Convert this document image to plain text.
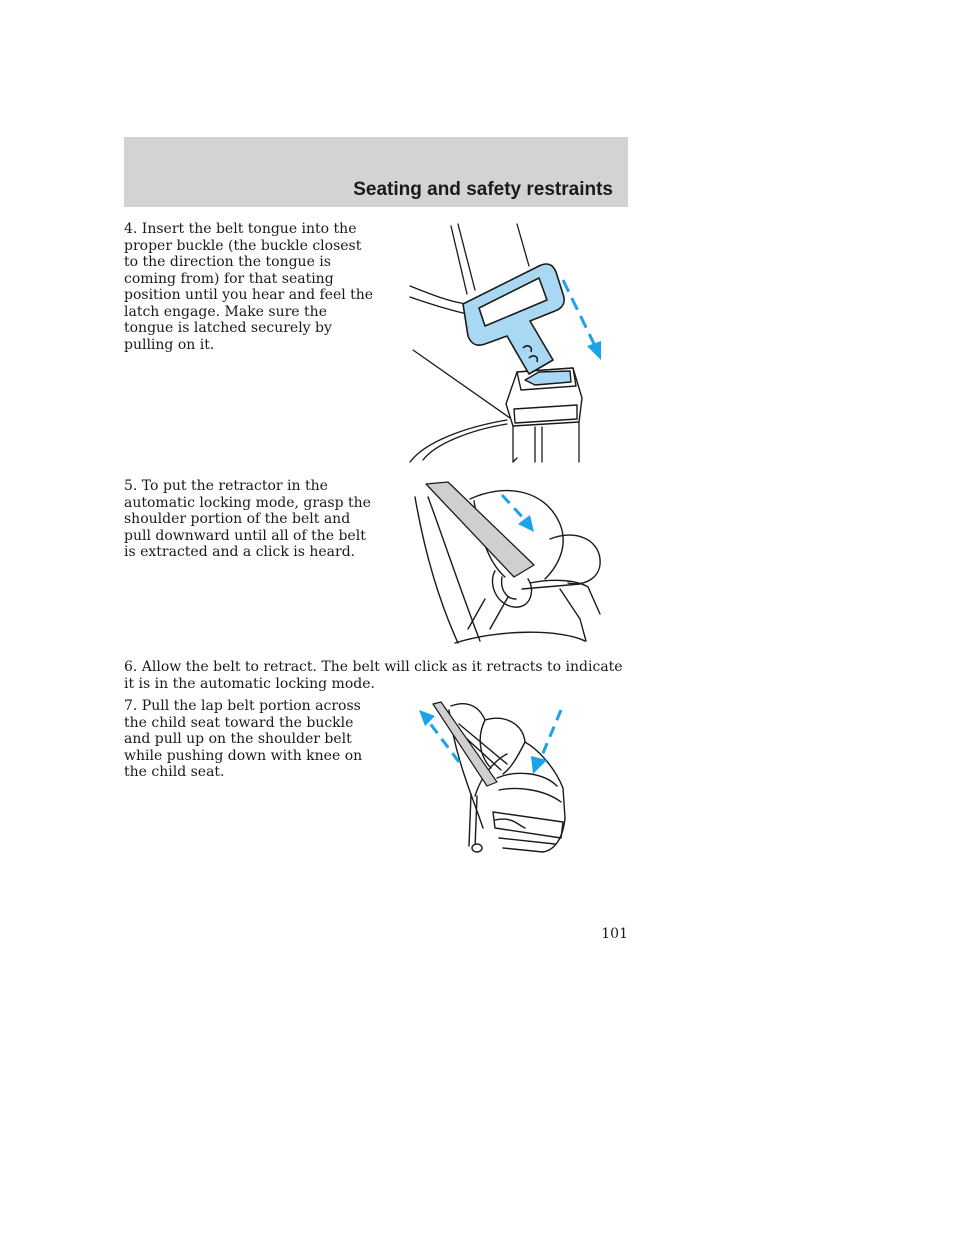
Seating and safety restraints

4. Insert the belt tongue into the proper buckle (the buckle closest to the direction the tongue is coming from) for that seating position until you hear and feel the latch engage. Make sure the tongue is latched securely by pulling on it.

5. To put the retractor in the automatic locking mode, grasp the shoulder portion of the belt and pull downward until all of the belt is extracted and a click is heard.

6. Allow the belt to retract. The belt will click as it retracts to indicate it is in the automatic locking mode.

7. Pull the lap belt portion across the child seat toward the buckle and pull up on the shoulder belt while pushing down with knee on the child seat.

101
